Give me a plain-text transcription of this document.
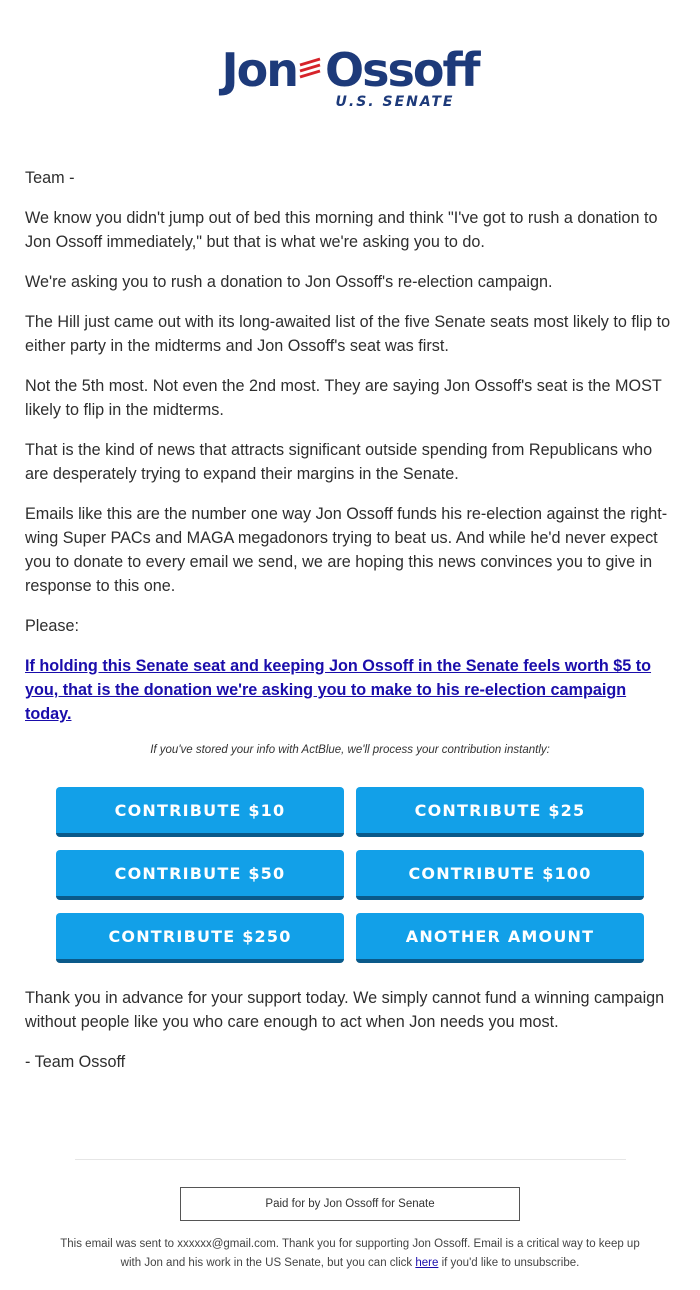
Jon Ossoff
U.S. SENATE

Team -

We know you didn't jump out of bed this morning and think "I've got to rush a donation to Jon Ossoff immediately," but that is what we're asking you to do.

We're asking you to rush a donation to Jon Ossoff's re-election campaign.

The Hill just came out with its long-awaited list of the five Senate seats most likely to flip to either party in the midterms and Jon Ossoff's seat was first.

Not the 5th most. Not even the 2nd most. They are saying Jon Ossoff's seat is the MOST likely to flip in the midterms.

That is the kind of news that attracts significant outside spending from Republicans who are desperately trying to expand their margins in the Senate.

Emails like this are the number one way Jon Ossoff funds his re-election against the right-wing Super PACs and MAGA megadonors trying to beat us. And while he'd never expect you to donate to every email we send, we are hoping this news convinces you to give in response to this one.

Please:

If holding this Senate seat and keeping Jon Ossoff in the Senate feels worth $5 to you, that is the donation we're asking you to make to his re-election campaign today.

If you've stored your info with ActBlue, we'll process your contribution instantly:

CONTRIBUTE $10	CONTRIBUTE $25
CONTRIBUTE $50	CONTRIBUTE $100
CONTRIBUTE $250	ANOTHER AMOUNT

Thank you in advance for your support today. We simply cannot fund a winning campaign without people like you who care enough to act when Jon needs you most.

- Team Ossoff

Paid for by Jon Ossoff for Senate
This email was sent to xxxxxx@gmail.com. Thank you for supporting Jon Ossoff. Email is a critical way to keep up with Jon and his work in the US Senate, but you can click here if you'd like to unsubscribe.
